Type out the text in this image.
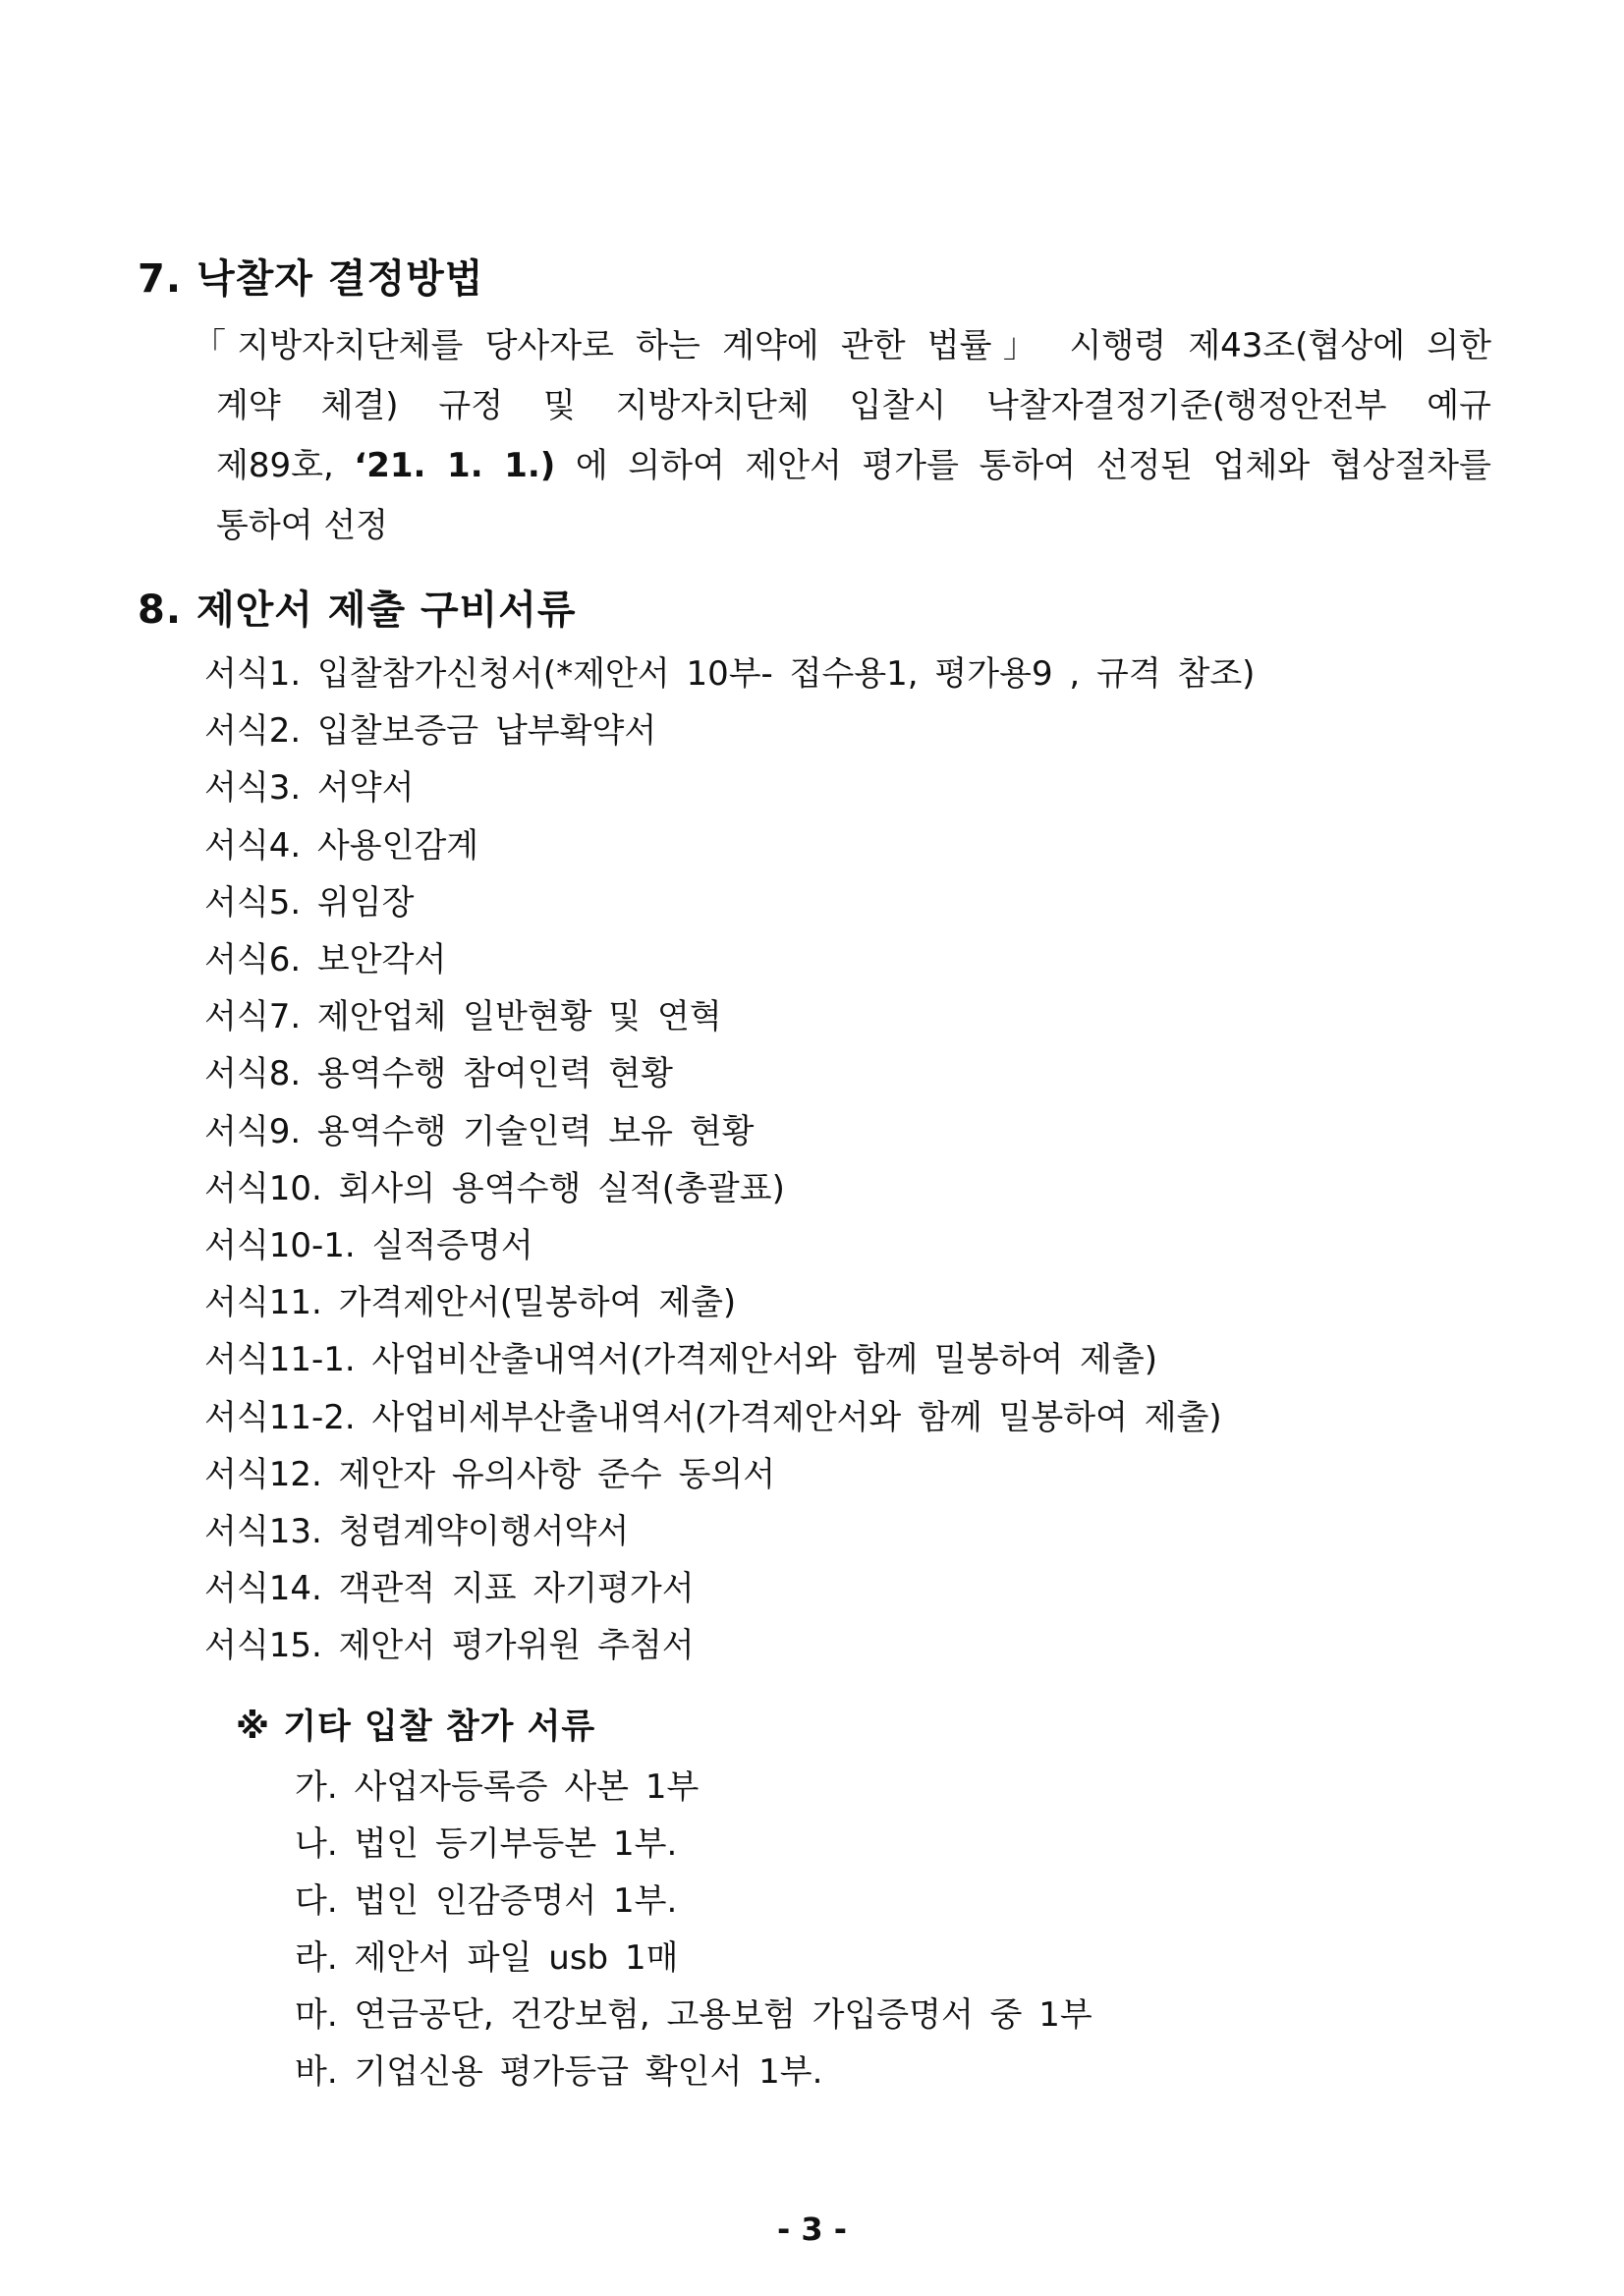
7. 낙찰자 결정방법
「지방자치단체를 당사자로 하는 계약에 관한 법률」 시행령 제43조(협상에 의한
계약 체결) 규정 및 지방자치단체 입찰시 낙찰자결정기준(행정안전부 예규
제89호, ‘21. 1. 1.) 에 의하여 제안서 평가를 통하여 선정된 업체와 협상절차를
통하여 선정
8. 제안서 제출 구비서류
서식1. 입찰참가신청서(*제안서 10부- 접수용1, 평가용9 , 규격 참조)
서식2. 입찰보증금 납부확약서
서식3. 서약서
서식4. 사용인감계
서식5. 위임장
서식6. 보안각서
서식7. 제안업체 일반현황 및 연혁
서식8. 용역수행 참여인력 현황
서식9. 용역수행 기술인력 보유 현황
서식10. 회사의 용역수행 실적(총괄표)
서식10-1. 실적증명서
서식11. 가격제안서(밀봉하여 제출)
서식11-1. 사업비산출내역서(가격제안서와 함께 밀봉하여 제출)
서식11-2. 사업비세부산출내역서(가격제안서와 함께 밀봉하여 제출)
서식12. 제안자 유의사항 준수 동의서
서식13. 청렴계약이행서약서
서식14. 객관적 지표 자기평가서
서식15. 제안서 평가위원 추첨서
※ 기타 입찰 참가 서류
가. 사업자등록증 사본 1부
나. 법인 등기부등본 1부.
다. 법인 인감증명서 1부.
라. 제안서 파일 usb 1매
마. 연금공단, 건강보험, 고용보험 가입증명서 중 1부
바. 기업신용 평가등급 확인서 1부.
- 3 -
